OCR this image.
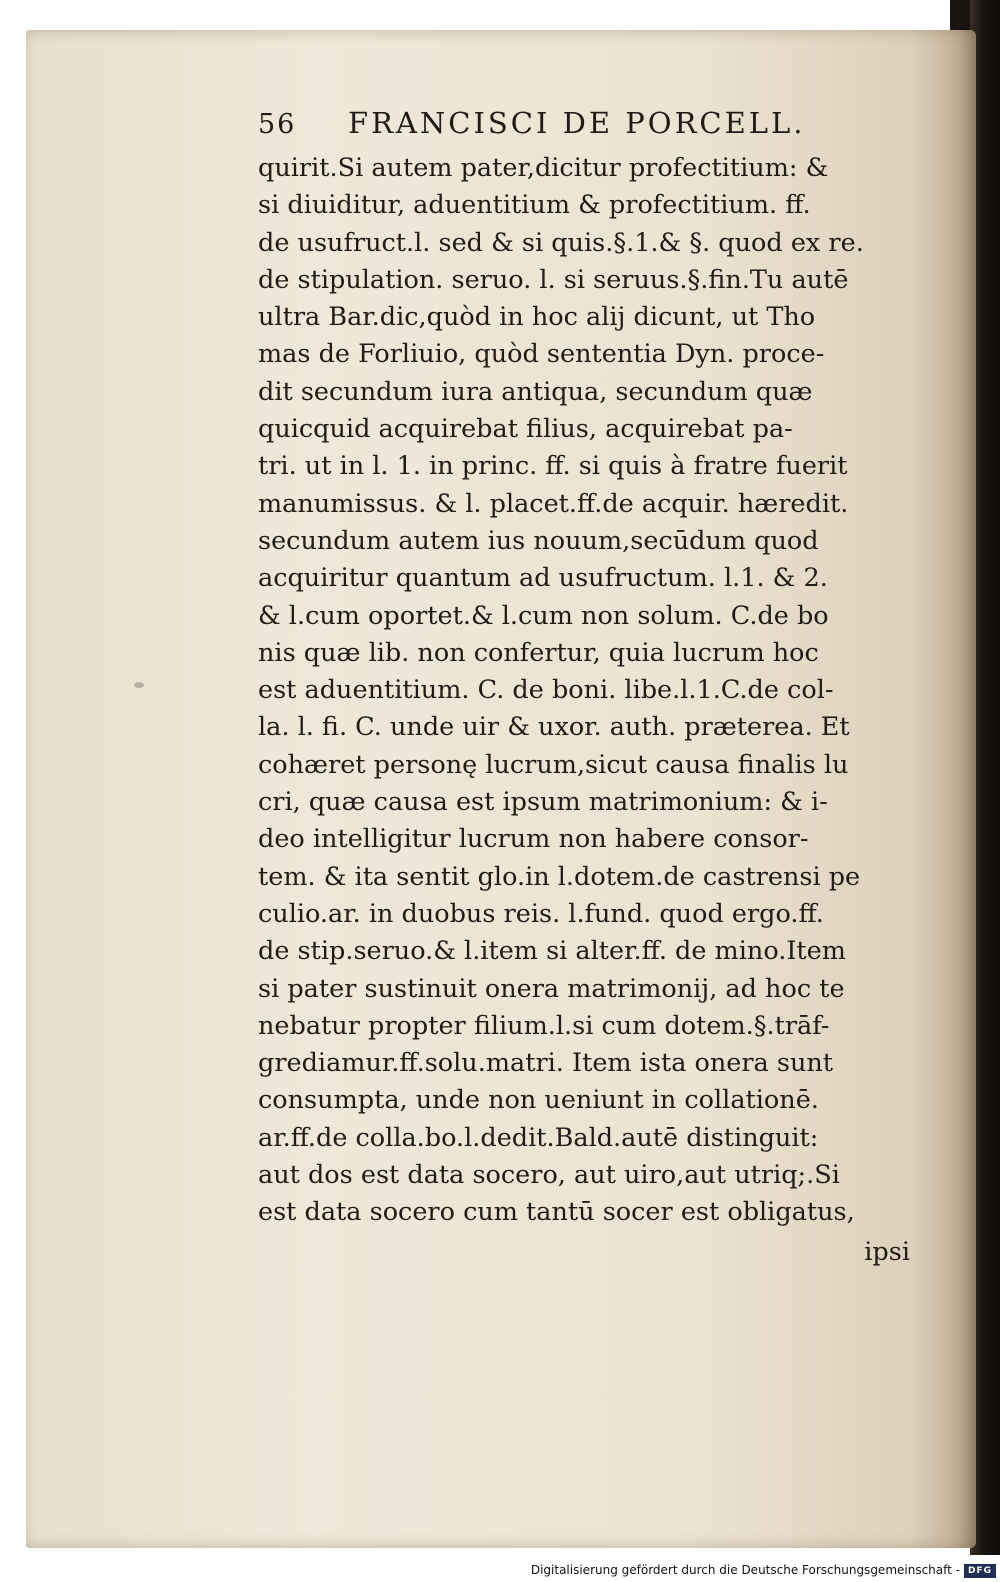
56	FRANCISCI DE PORCELL.
quirit.Si autem pater,dicitur profectitium: &
si diuiditur, aduentitium & profectitium. ff.
de usufruct.l. sed & si quis.§.1.& §. quod ex re.
de stipulation. seruo. l. si seruus.§.fin.Tu autē
ultra Bar.dic,quòd in hoc alij dicunt, ut Tho
mas de Forliuio, quòd sententia Dyn. proce-
dit secundum iura antiqua, secundum quæ
quicquid acquirebat filius, acquirebat pa-
tri. ut in l. 1. in princ. ff. si quis à fratre fuerit
manumissus. & l. placet.ff.de acquir. hæredit.
secundum autem ius nouum,secūdum quod
acquiritur quantum ad usufructum. l.1. & 2.
& l.cum oportet.& l.cum non solum. C.de bo
nis quæ lib. non confertur, quia lucrum hoc
est aduentitium. C. de boni. libe.l.1.C.de col-
la. l. fi. C. unde uir & uxor. auth. præterea. Et
cohæret personę lucrum,sicut causa finalis lu
cri, quæ causa est ipsum matrimonium: & i-
deo intelligitur lucrum non habere consor-
tem. & ita sentit glo.in l.dotem.de castrensi pe
culio.ar. in duobus reis. l.fund. quod ergo.ff.
de stip.seruo.& l.item si alter.ff. de mino.Item
si pater sustinuit onera matrimonij, ad hoc te
nebatur propter filium.l.si cum dotem.§.trāf-
grediamur.ff.solu.matri. Item ista onera sunt
consumpta, unde non ueniunt in collationē.
ar.ff.de colla.bo.l.dedit.Bald.autē distinguit:
aut dos est data socero, aut uiro,aut utriq;.Si
est data socero cum tantū socer est obligatus,
ipsi
Digitalisierung gefördert durch die Deutsche Forschungsgemeinschaft - DFG
